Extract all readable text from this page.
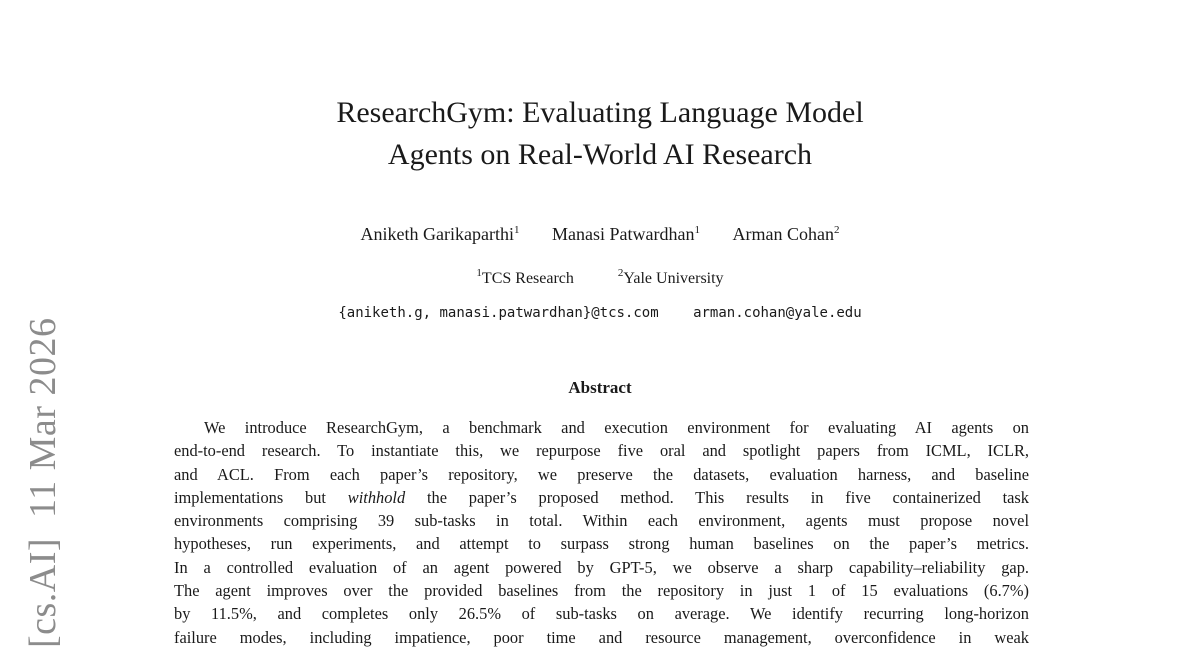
[cs.AI]  11 Mar 2026
ResearchGym: Evaluating Language Model
Agents on Real-World AI Research
Aniketh Garikaparthi$^1$ Manasi Patwardhan$^1$ Arman Cohan$^2$
$^1$TCS Research	$^2$Yale University
{aniketh.g, manasi.patwardhan}@tcs.com arman.cohan@yale.edu
Abstract
We introduce ResearchGym, a benchmark and execution environment for evaluating AI agents on
end-to-end research. To instantiate this, we repurpose five oral and spotlight papers from ICML, ICLR,
and ACL. From each paper’s repository, we preserve the datasets, evaluation harness, and baseline
implementations but withhold the paper’s proposed method. This results in five containerized task
environments comprising 39 sub-tasks in total. Within each environment, agents must propose novel
hypotheses, run experiments, and attempt to surpass strong human baselines on the paper’s metrics.
In a controlled evaluation of an agent powered by GPT-5, we observe a sharp capability–reliability gap.
The agent improves over the provided baselines from the repository in just 1 of 15 evaluations (6.7%)
by 11.5%, and completes only 26.5% of sub-tasks on average. We identify recurring long-horizon
failure modes, including impatience, poor time and resource management, overconfidence in weak
